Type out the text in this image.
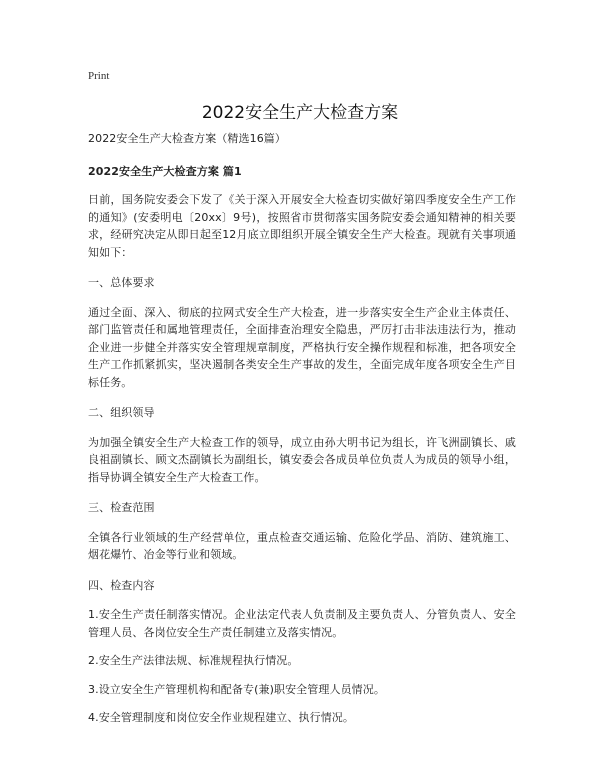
Print
2022安全生产大检查方案

2022安全生产大检查方案（精选16篇）

2022安全生产大检查方案 篇1

日前，国务院安委会下发了《关于深入开展安全大检查切实做好第四季度安全生产工作的通知》(安委明电〔20xx〕9号)，按照省市贯彻落实国务院安委会通知精神的相关要求，经研究决定从即日起至12月底立即组织开展全镇安全生产大检查。现就有关事项通知如下：

一、总体要求

通过全面、深入、彻底的拉网式安全生产大检查，进一步落实安全生产企业主体责任、部门监管责任和属地管理责任，全面排查治理安全隐患，严厉打击非法违法行为，推动企业进一步健全并落实安全管理规章制度，严格执行安全操作规程和标准，把各项安全生产工作抓紧抓实，坚决遏制各类安全生产事故的发生，全面完成年度各项安全生产目标任务。

二、组织领导

为加强全镇安全生产大检查工作的领导，成立由孙大明书记为组长，许飞洲副镇长、戚良祖副镇长、顾文杰副镇长为副组长，镇安委会各成员单位负责人为成员的领导小组，指导协调全镇安全生产大检查工作。

三、检查范围

全镇各行业领域的生产经营单位，重点检查交通运输、危险化学品、消防、建筑施工、烟花爆竹、冶金等行业和领域。

四、检查内容

1.安全生产责任制落实情况。企业法定代表人负责制及主要负责人、分管负责人、安全管理人员、各岗位安全生产责任制建立及落实情况。

2.安全生产法律法规、标准规程执行情况。

3.设立安全生产管理机构和配备专(兼)职安全管理人员情况。

4.安全管理制度和岗位安全作业规程建立、执行情况。
